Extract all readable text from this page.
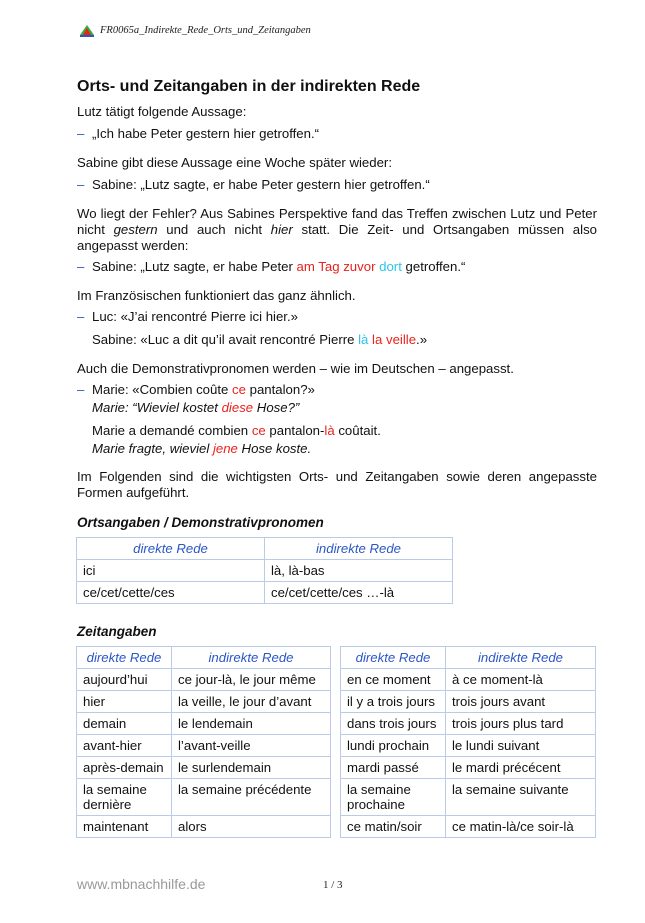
FR0065a_Indirekte_Rede_Orts_und_Zeitangaben
Orts- und Zeitangaben in der indirekten Rede
Lutz tätigt folgende Aussage:
– „Ich habe Peter gestern hier getroffen.“
Sabine gibt diese Aussage eine Woche später wieder:
– Sabine: „Lutz sagte, er habe Peter gestern hier getroffen.“
Wo liegt der Fehler? Aus Sabines Perspektive fand das Treffen zwischen Lutz und Peter nicht gestern und auch nicht hier statt. Die Zeit- und Ortsangaben müssen also angepasst werden:
– Sabine: „Lutz sagte, er habe Peter am Tag zuvor dort getroffen.“
Im Französischen funktioniert das ganz ähnlich.
– Luc: «J’ai rencontré Pierre ici hier.»
Sabine: «Luc a dit qu’il avait rencontré Pierre là la veille.»
Auch die Demonstrativpronomen werden – wie im Deutschen – angepasst.
– Marie: «Combien coûte ce pantalon?»
Marie: “Wieviel kostet diese Hose?”
Marie a demandé combien ce pantalon-là coûtait.
Marie fragte, wieviel jene Hose koste.
Im Folgenden sind die wichtigsten Orts- und Zeitangaben sowie deren angepasste Formen aufgeführt.
Ortsangaben / Demonstrativpronomen
direkte Rede	indirekte Rede
ici	là, là-bas
ce/cet/cette/ces	ce/cet/cette/ces …-là
Zeitangaben
direkte Rede	indirekte Rede
aujourd’hui	ce jour-là, le jour même
hier	la veille, le jour d’avant
demain	le lendemain
avant-hier	l’avant-veille
après-demain	le surlendemain
la semaine dernière	la semaine précédente
maintenant	alors
direkte Rede	indirekte Rede
en ce moment	à ce moment-là
il y a trois jours	trois jours avant
dans trois jours	trois jours plus tard
lundi prochain	le lundi suivant
mardi passé	le mardi précécent
la semaine prochaine	la semaine suivante
ce matin/soir	ce matin-là/ce soir-là
www.mbnachhilfe.de	1 / 3
